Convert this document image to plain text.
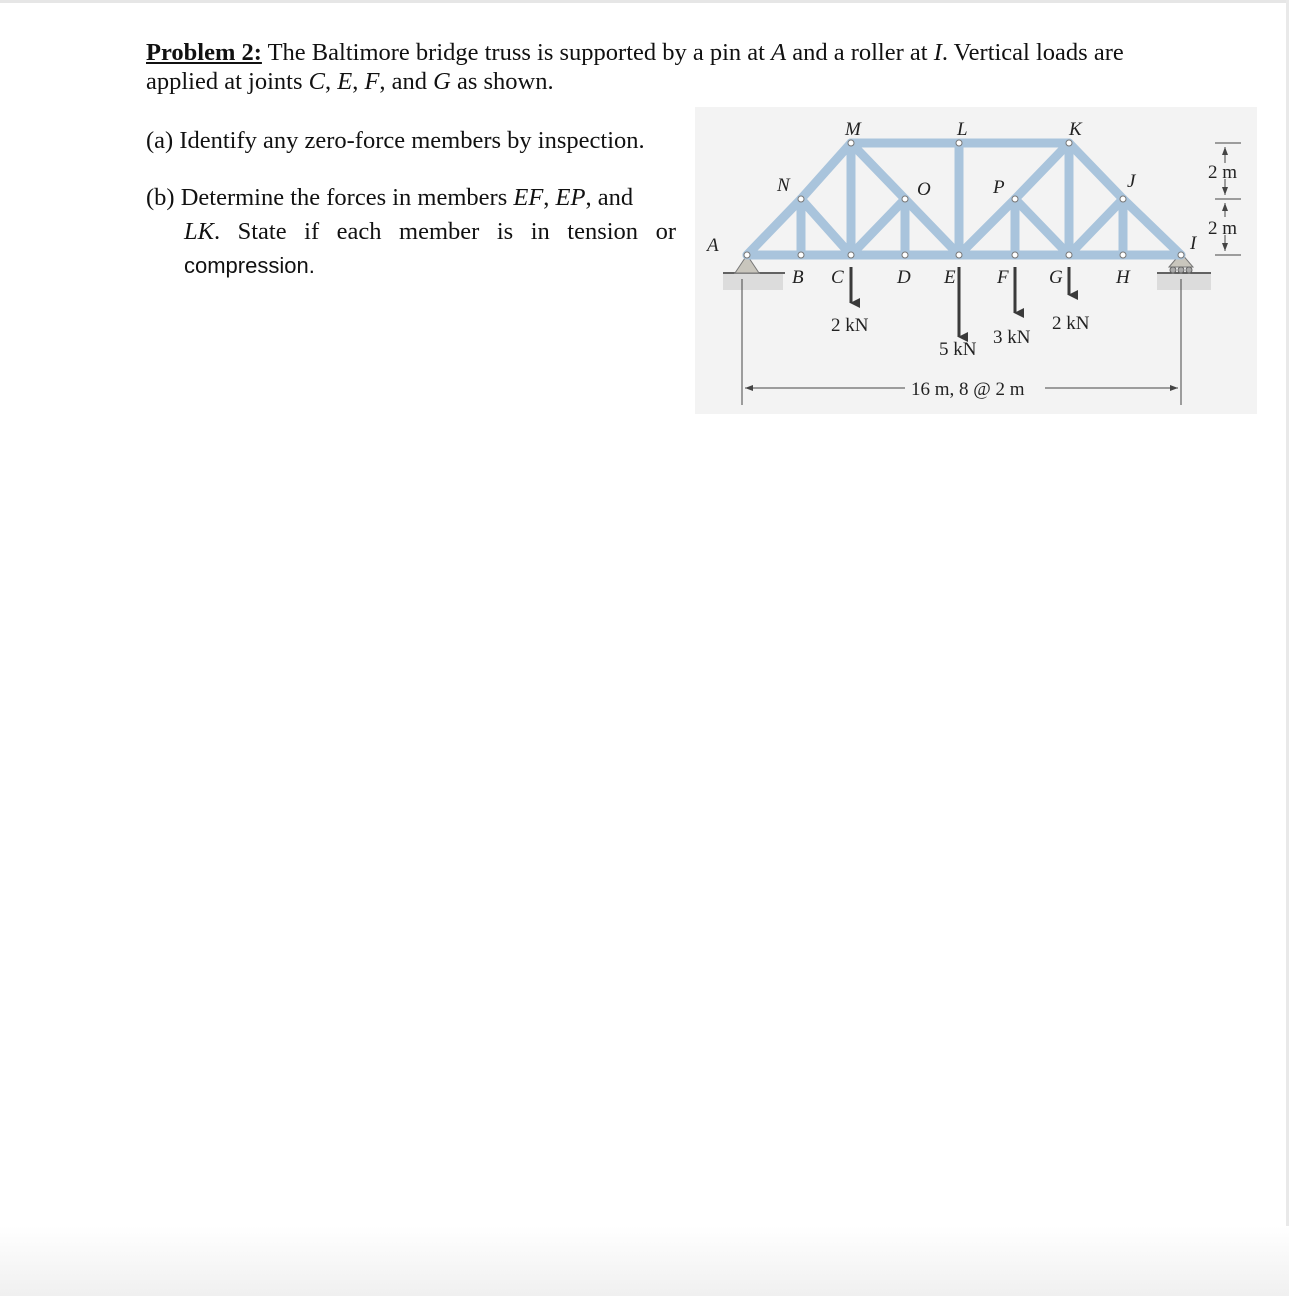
Problem 2: The Baltimore bridge truss is supported by a pin at A and a roller at I. Vertical loads are applied at joints C, E, F, and G as shown.
(a) Identify any zero-force members by inspection.
(b) Determine the forces in members EF, EP, and
LK. State if each member is in tension or
compression.
M	L	K
N	O	P	J
A
B C	D E F G	H
I
2 kN
5 kN
3 kN
2 kN
16 m, 8 @ 2 m
2 m
2 m
